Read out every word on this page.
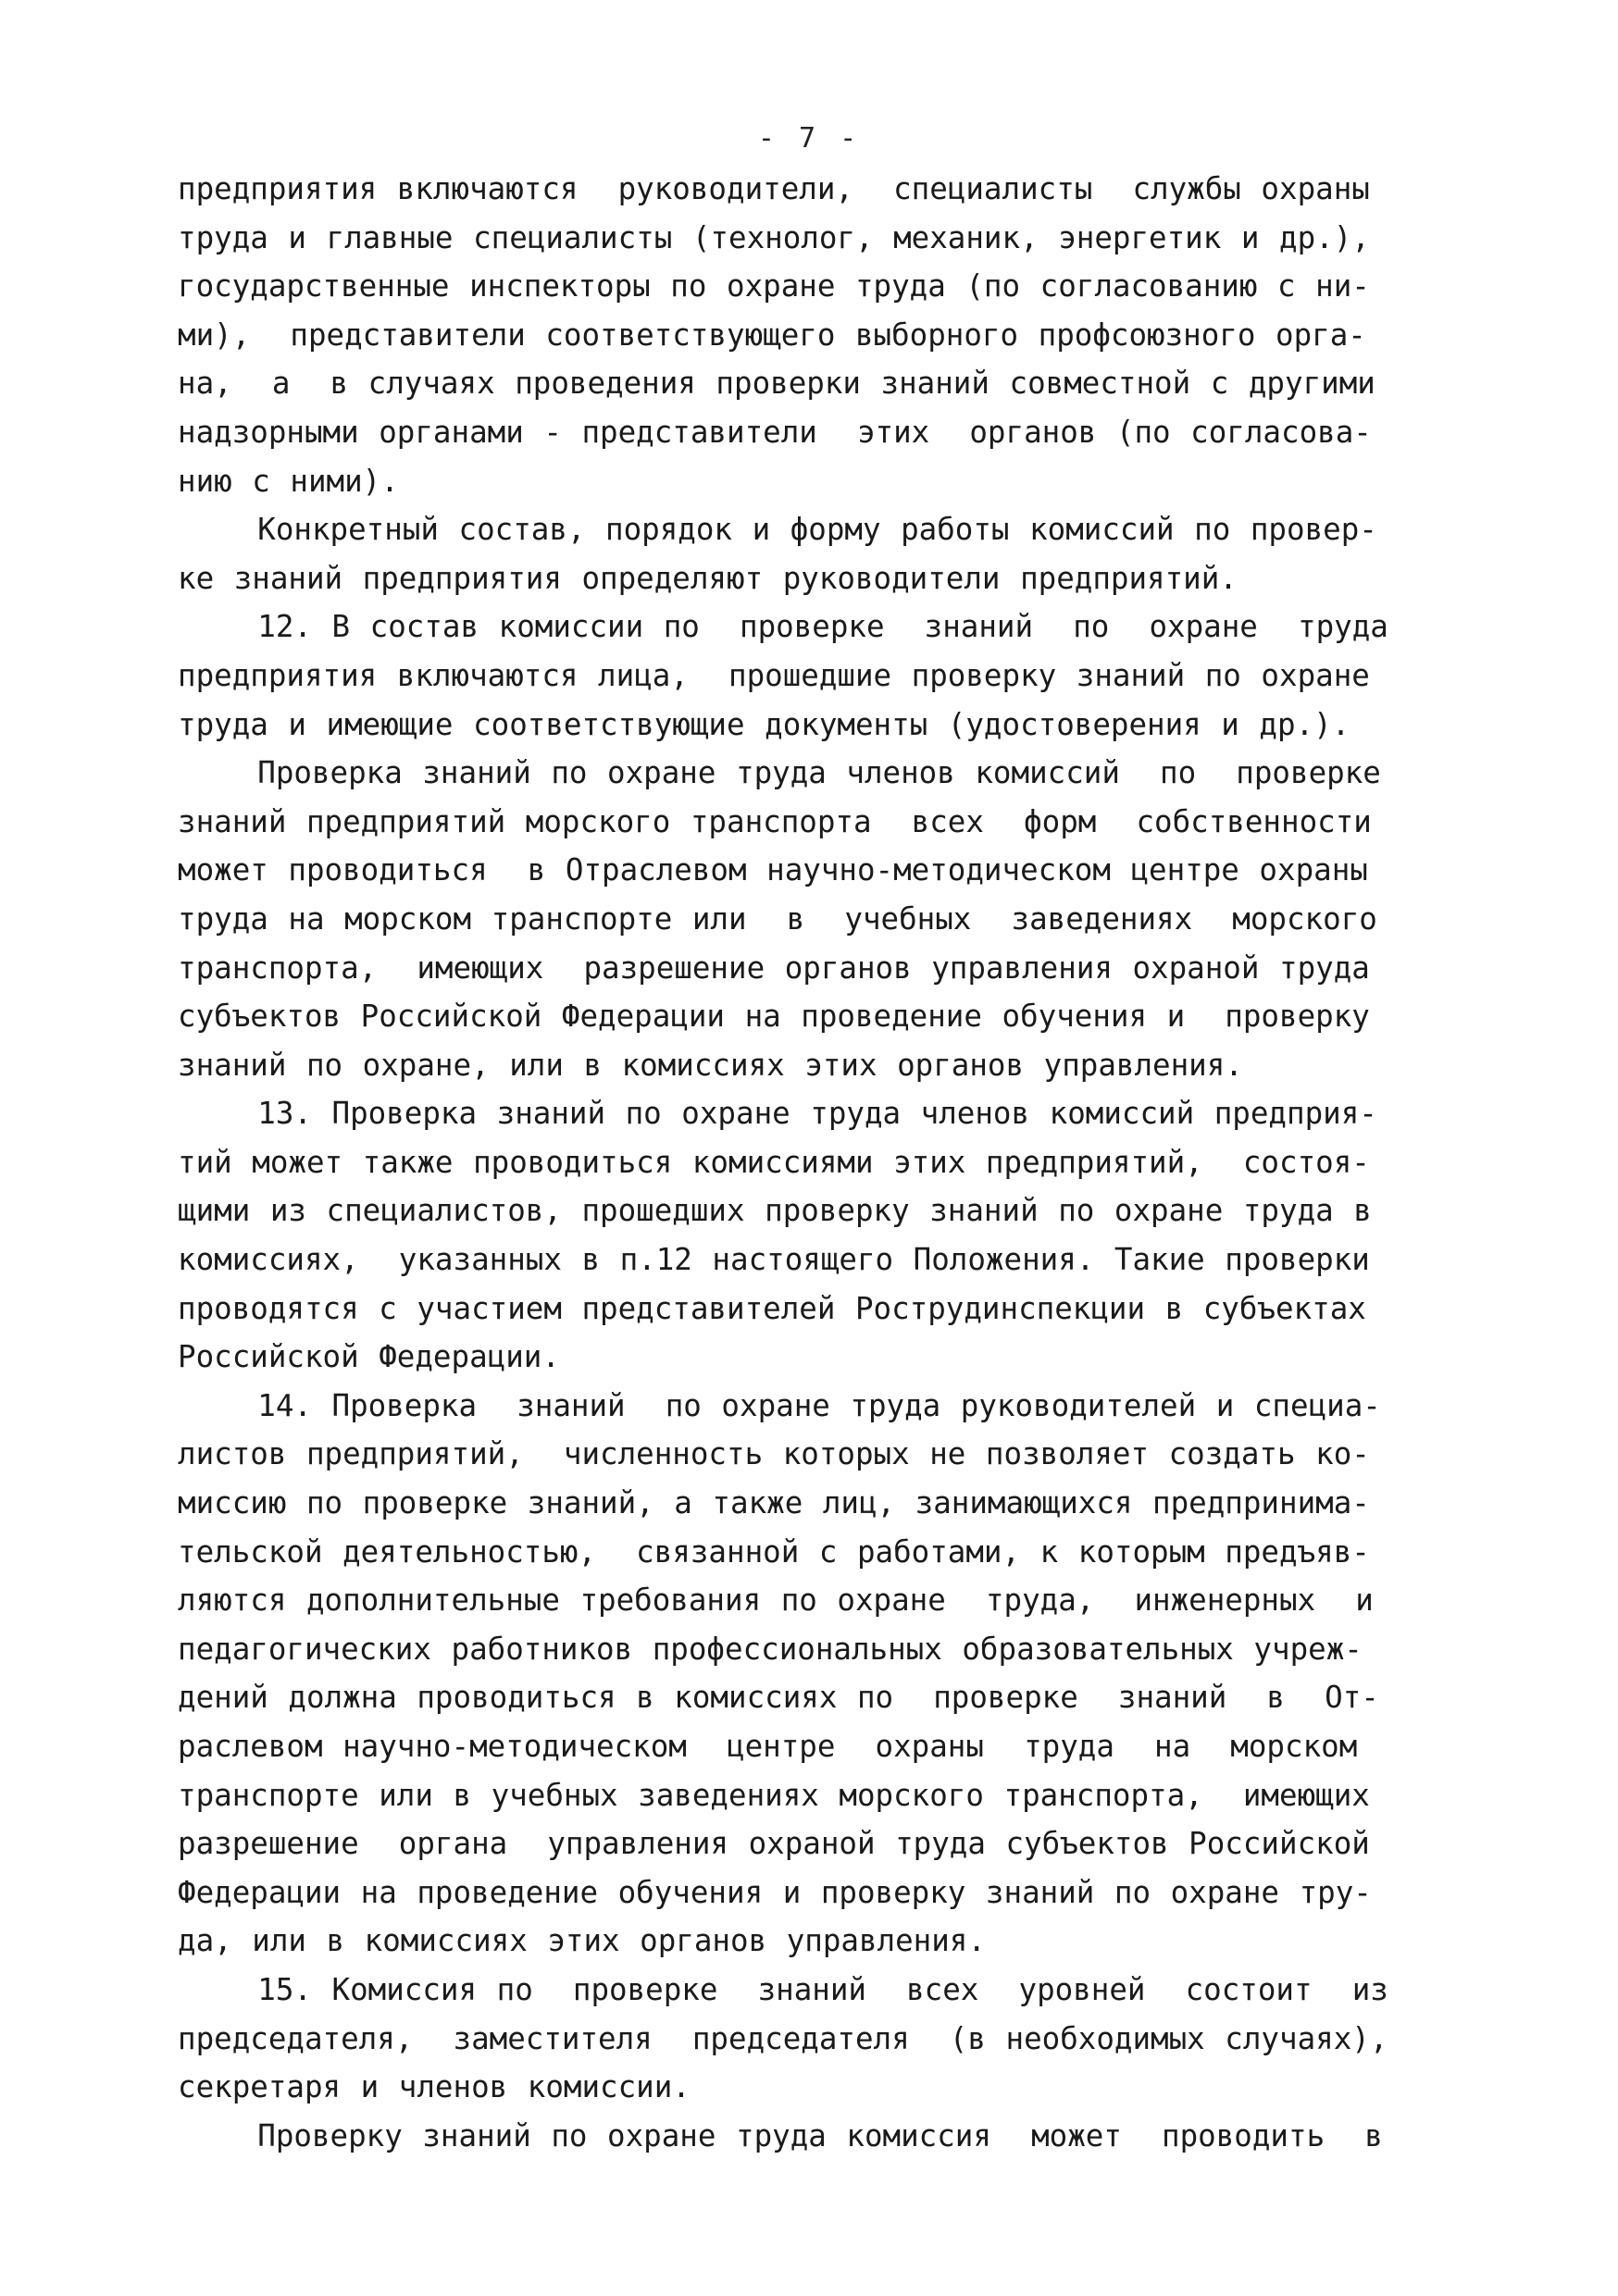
- 7 -

предприятия включаются  руководители,  специалисты  службы охраны
труда и главные специалисты (технолог, механик, энергетик и др.),
государственные инспекторы по охране труда (по согласованию с ни-
ми),  представители соответствующего выборного профсоюзного орга-
на,  а  в случаях проведения проверки знаний совместной с другими
надзорными органами - представители  этих  органов (по согласова-
нию с ними).

Конкретный состав, порядок и форму работы комиссий по провер-
ке знаний предприятия определяют руководители предприятий.

12. В состав комиссии по  проверке  знаний  по  охране  труда
предприятия включаются лица,  прошедшие проверку знаний по охране
труда и имеющие соответствующие документы (удостоверения и др.).

Проверка знаний по охране труда членов комиссий  по  проверке
знаний предприятий морского транспорта  всех  форм  собственности
может проводиться  в Отраслевом научно-методическом центре охраны
труда на морском транспорте или  в  учебных  заведениях  морского
транспорта,  имеющих  разрешение органов управления охраной труда
субъектов Российской Федерации на проведение обучения и  проверку
знаний по охране, или в комиссиях этих органов управления.

13. Проверка знаний по охране труда членов комиссий предприя-
тий может также проводиться комиссиями этих предприятий,  состоя-
щими из специалистов, прошедших проверку знаний по охране труда в
комиссиях,  указанных в п.12 настоящего Положения. Такие проверки
проводятся с участием представителей Рострудинспекции в субъектах
Российской Федерации.

14. Проверка  знаний  по охране труда руководителей и специа-
листов предприятий,  численность которых не позволяет создать ко-
миссию по проверке знаний, а также лиц, занимающихся предпринима-
тельской деятельностью,  связанной с работами, к которым предъяв-
ляются дополнительные требования по охране  труда,  инженерных  и
педагогических работников профессиональных образовательных учреж-
дений должна проводиться в комиссиях по  проверке  знаний  в  От-
раслевом научно-методическом  центре  охраны  труда  на  морском
транспорте или в учебных заведениях морского транспорта,  имеющих
разрешение  органа  управления охраной труда субъектов Российской
Федерации на проведение обучения и проверку знаний по охране тру-
да, или в комиссиях этих органов управления.

15. Комиссия по  проверке  знаний  всех  уровней  состоит  из
председателя,  заместителя  председателя  (в необходимых случаях),
секретаря и членов комиссии.

Проверку знаний по охране труда комиссия  может  проводить  в
